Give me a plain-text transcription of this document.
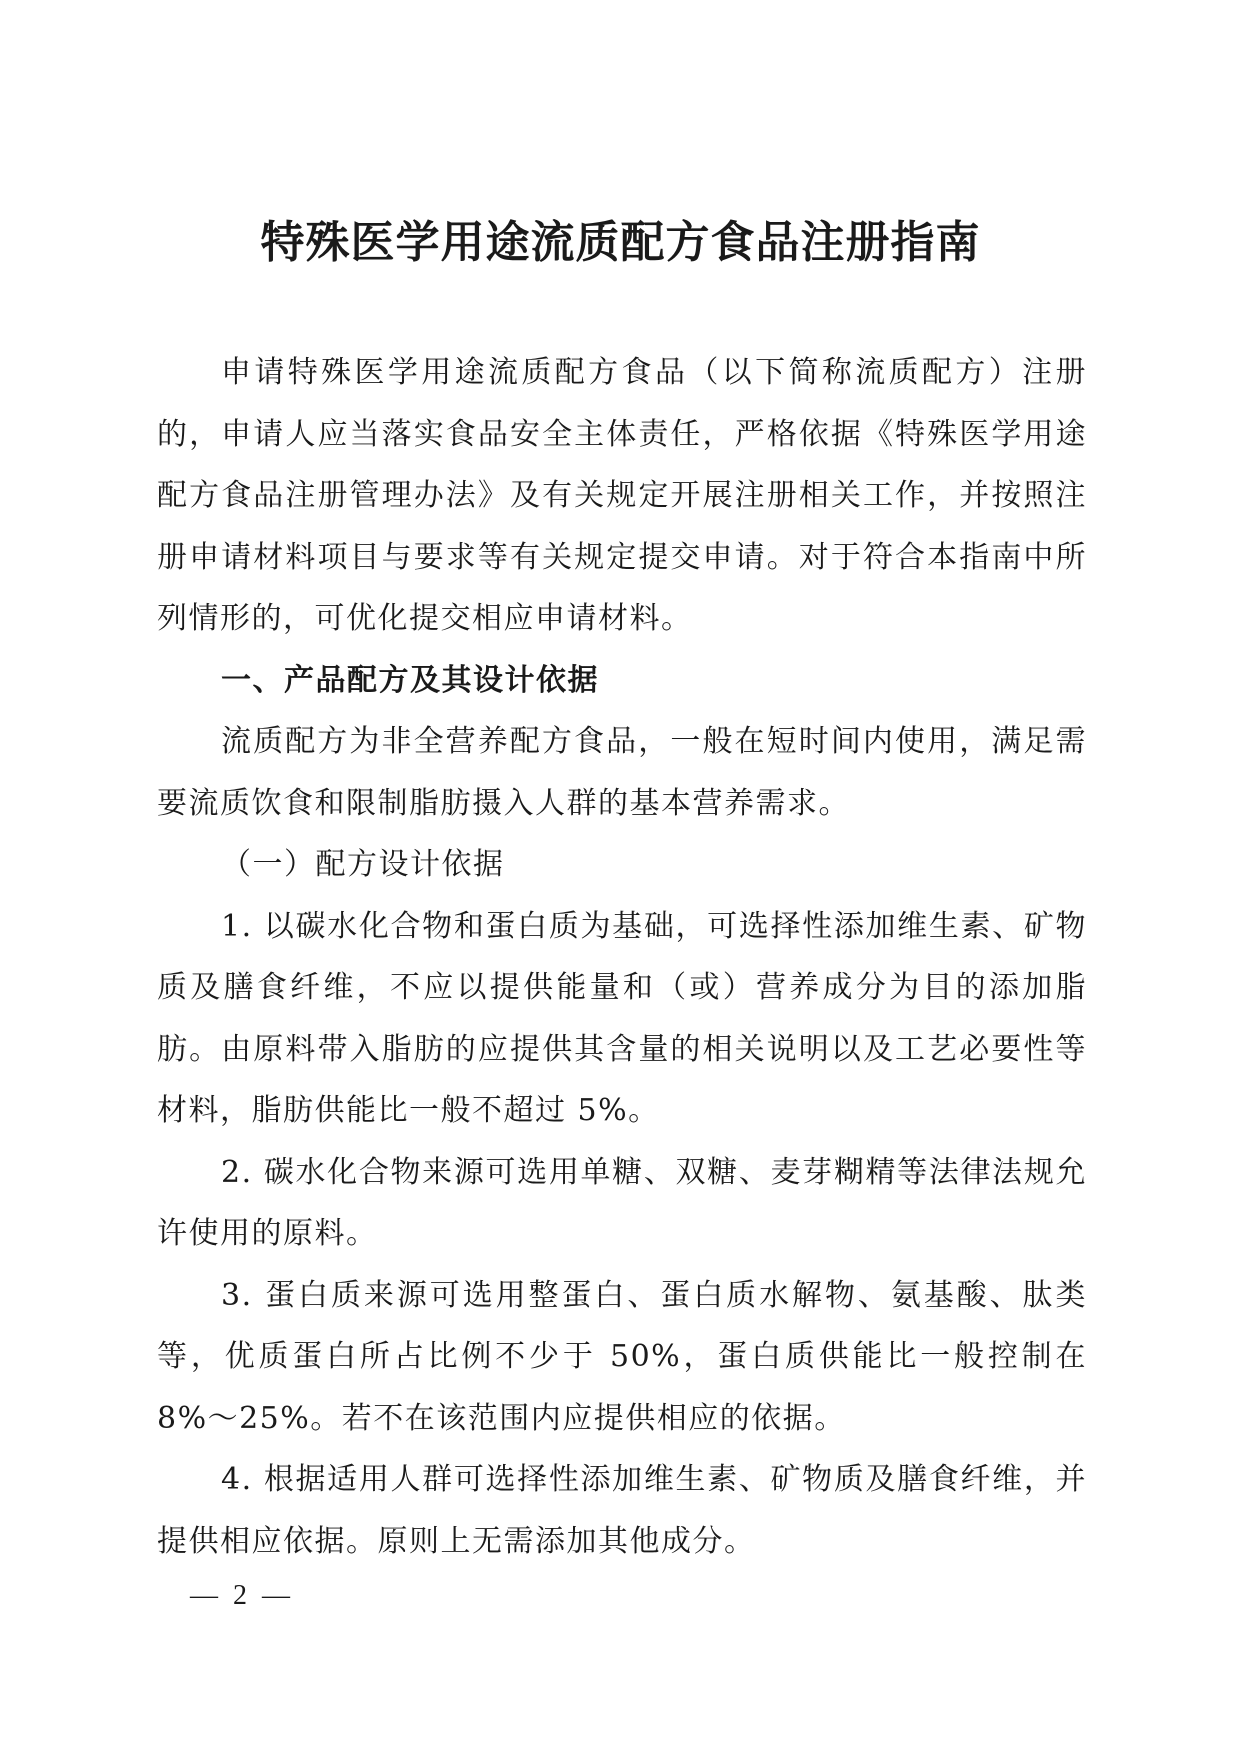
特殊医学用途流质配方食品注册指南

申请特殊医学用途流质配方食品（以下简称流质配方）注册的，申请人应当落实食品安全主体责任，严格依据《特殊医学用途配方食品注册管理办法》及有关规定开展注册相关工作，并按照注册申请材料项目与要求等有关规定提交申请。对于符合本指南中所列情形的，可优化提交相应申请材料。

一、产品配方及其设计依据

流质配方为非全营养配方食品，一般在短时间内使用，满足需要流质饮食和限制脂肪摄入人群的基本营养需求。

（一）配方设计依据

1. 以碳水化合物和蛋白质为基础，可选择性添加维生素、矿物质及膳食纤维，不应以提供能量和（或）营养成分为目的添加脂肪。由原料带入脂肪的应提供其含量的相关说明以及工艺必要性等材料，脂肪供能比一般不超过 5%。

2. 碳水化合物来源可选用单糖、双糖、麦芽糊精等法律法规允许使用的原料。

3. 蛋白质来源可选用整蛋白、蛋白质水解物、氨基酸、肽类等，优质蛋白所占比例不少于 50%，蛋白质供能比一般控制在 8%～25%。若不在该范围内应提供相应的依据。

4. 根据适用人群可选择性添加维生素、矿物质及膳食纤维，并提供相应依据。原则上无需添加其他成分。

— 2 —
